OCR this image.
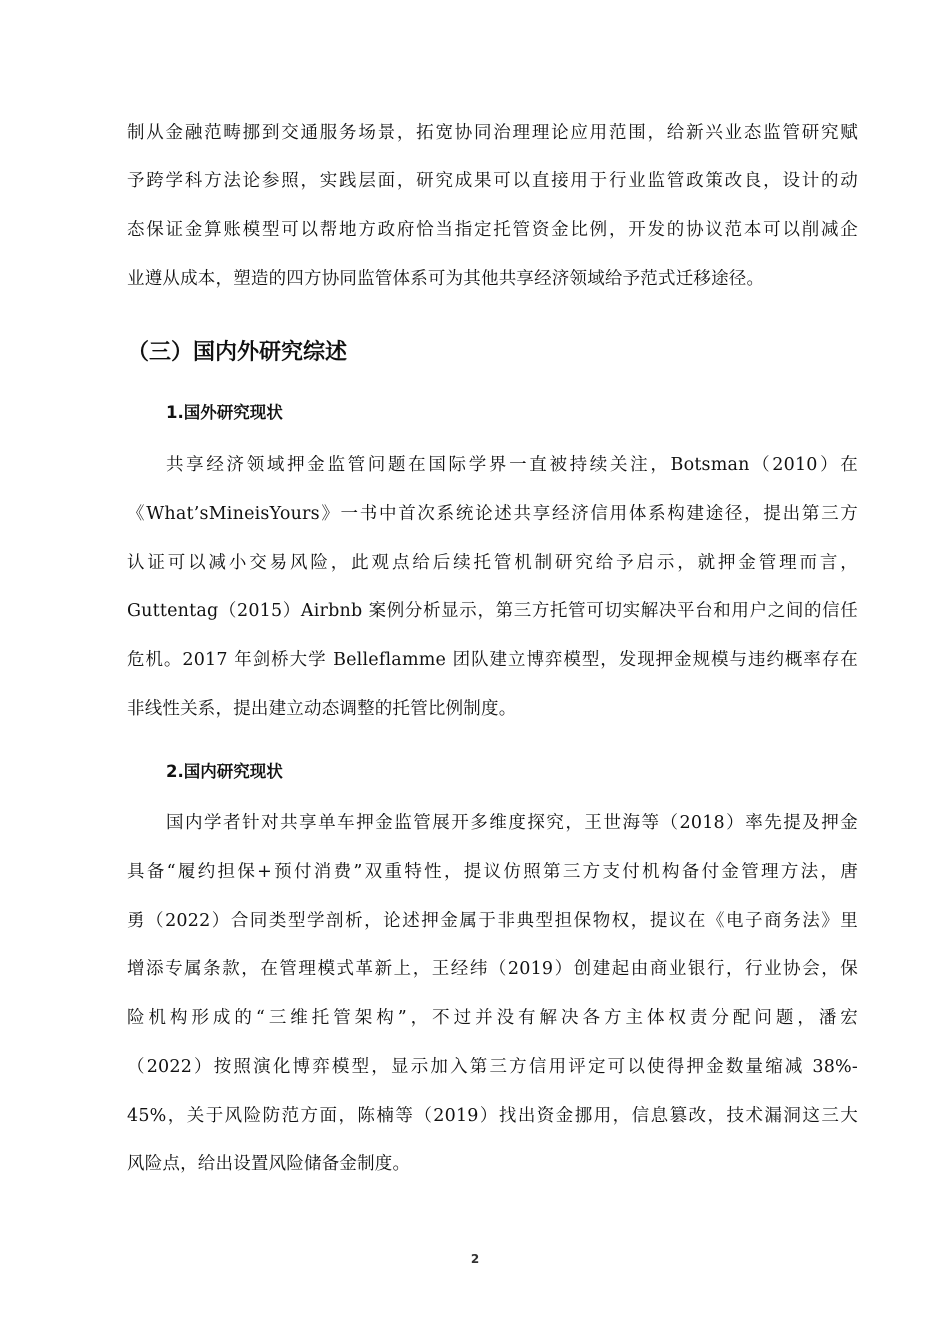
制从金融范畴挪到交通服务场景，拓宽协同治理理论应用范围，给新兴业态监管研究赋
予跨学科方法论参照，实践层面，研究成果可以直接用于行业监管政策改良，设计的动
态保证金算账模型可以帮地方政府恰当指定托管资金比例，开发的协议范本可以削减企
业遵从成本，塑造的四方协同监管体系可为其他共享经济领域给予范式迁移途径。
（三）国内外研究综述
1.国外研究现状
共享经济领域押金监管问题在国际学界一直被持续关注，Botsman（2010）在
《What’sMineisYours》一书中首次系统论述共享经济信用体系构建途径，提出第三方
认证可以减小交易风险，此观点给后续托管机制研究给予启示，就押金管理而言，
Guttentag（2015）Airbnb 案例分析显示，第三方托管可切实解决平台和用户之间的信任
危机。2017 年剑桥大学 Belleflamme 团队建立博弈模型，发现押金规模与违约概率存在
非线性关系，提出建立动态调整的托管比例制度。
2.国内研究现状
国内学者针对共享单车押金监管展开多维度探究，王世海等（2018）率先提及押金
具备“履约担保+预付消费”双重特性，提议仿照第三方支付机构备付金管理方法，唐
勇（2022）合同类型学剖析，论述押金属于非典型担保物权，提议在《电子商务法》里
增添专属条款，在管理模式革新上，王经纬（2019）创建起由商业银行，行业协会，保
险机构形成的“三维托管架构”，不过并没有解决各方主体权责分配问题，潘宏
（2022）按照演化博弈模型，显示加入第三方信用评定可以使得押金数量缩减 38%-
45%，关于风险防范方面，陈楠等（2019）找出资金挪用，信息篡改，技术漏洞这三大
风险点，给出设置风险储备金制度。
2
